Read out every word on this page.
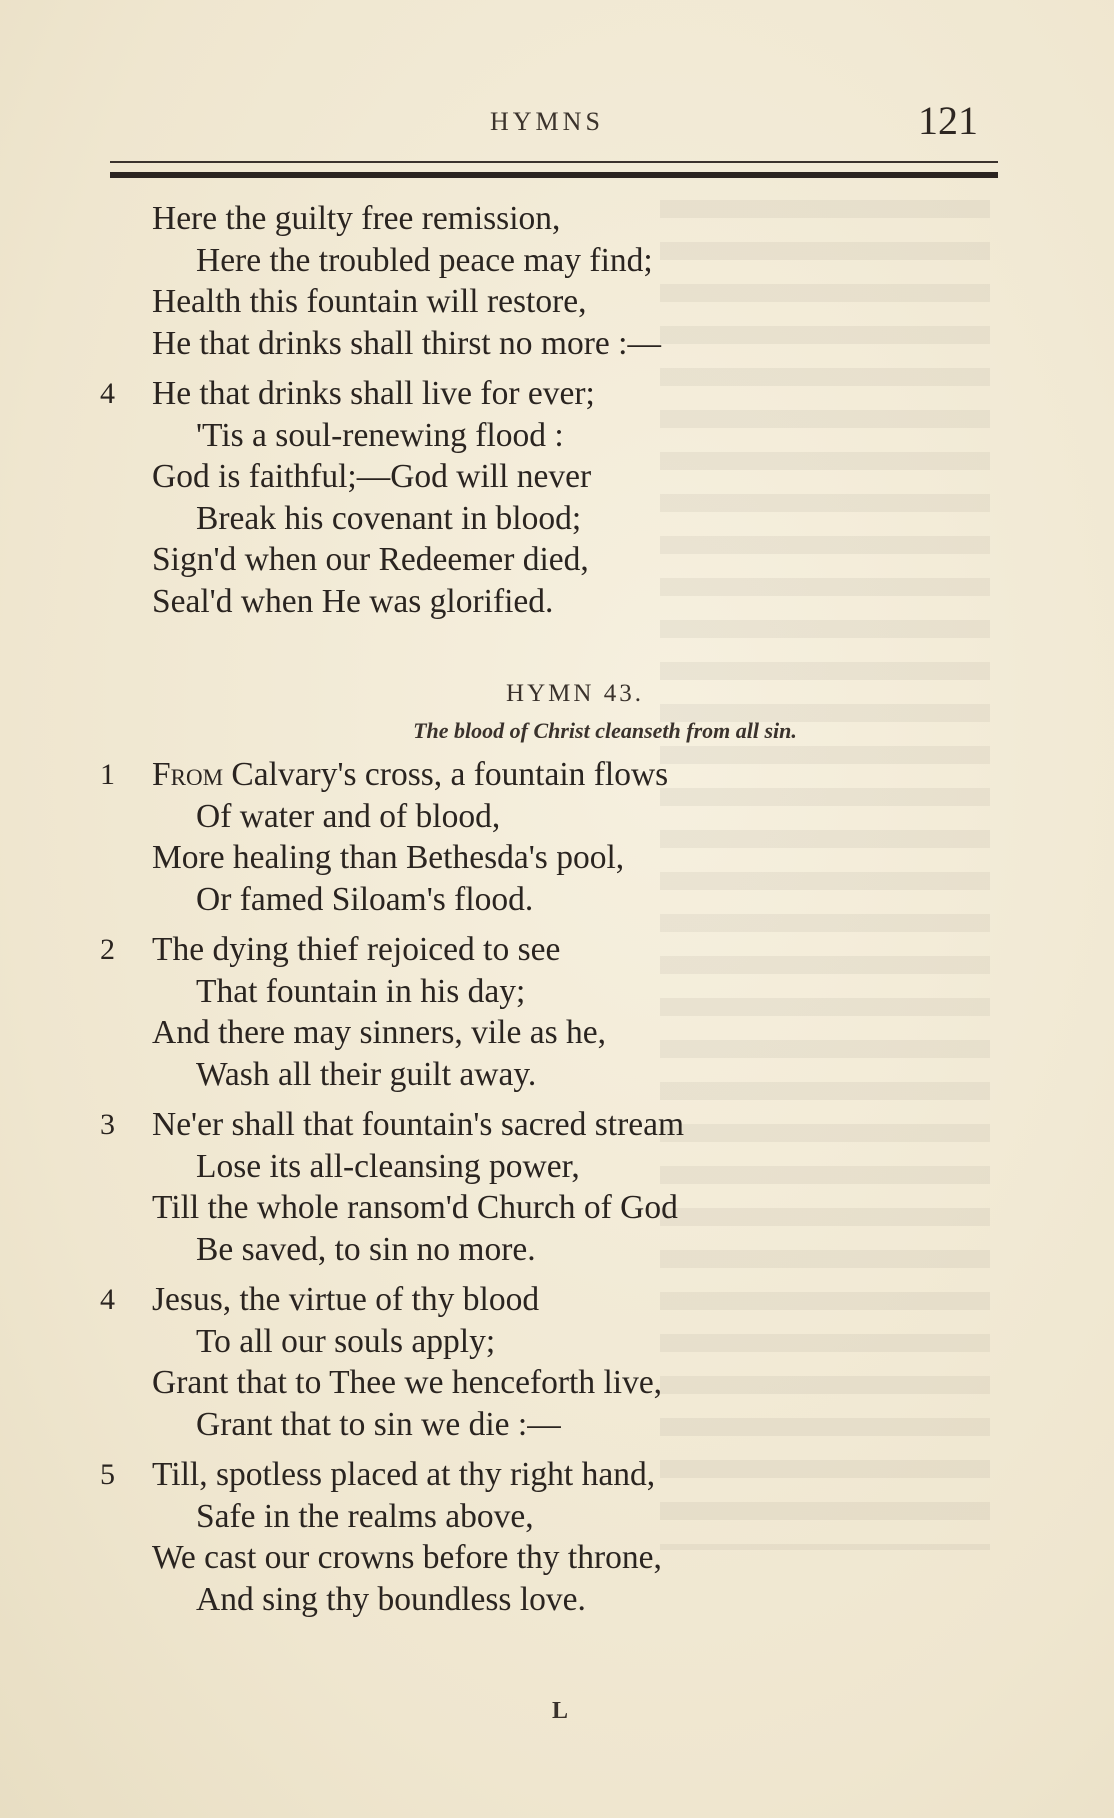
HYMNS	121
Here the guilty free remission,
Here the troubled peace may find;
Health this fountain will restore,
He that drinks shall thirst no more :—
4	He that drinks shall live for ever;
'Tis a soul-renewing flood :
God is faithful;—God will never
Break his covenant in blood;
Sign'd when our Redeemer died,
Seal'd when He was glorified.
HYMN 43.
The blood of Christ cleanseth from all sin.
1	From Calvary's cross, a fountain flows
Of water and of blood,
More healing than Bethesda's pool,
Or famed Siloam's flood.
2	The dying thief rejoiced to see
That fountain in his day;
And there may sinners, vile as he,
Wash all their guilt away.
3	Ne'er shall that fountain's sacred stream
Lose its all-cleansing power,
Till the whole ransom'd Church of God
Be saved, to sin no more.
4	Jesus, the virtue of thy blood
To all our souls apply;
Grant that to Thee we henceforth live,
Grant that to sin we die :—
5	Till, spotless placed at thy right hand,
Safe in the realms above,
We cast our crowns before thy throne,
And sing thy boundless love.
L
